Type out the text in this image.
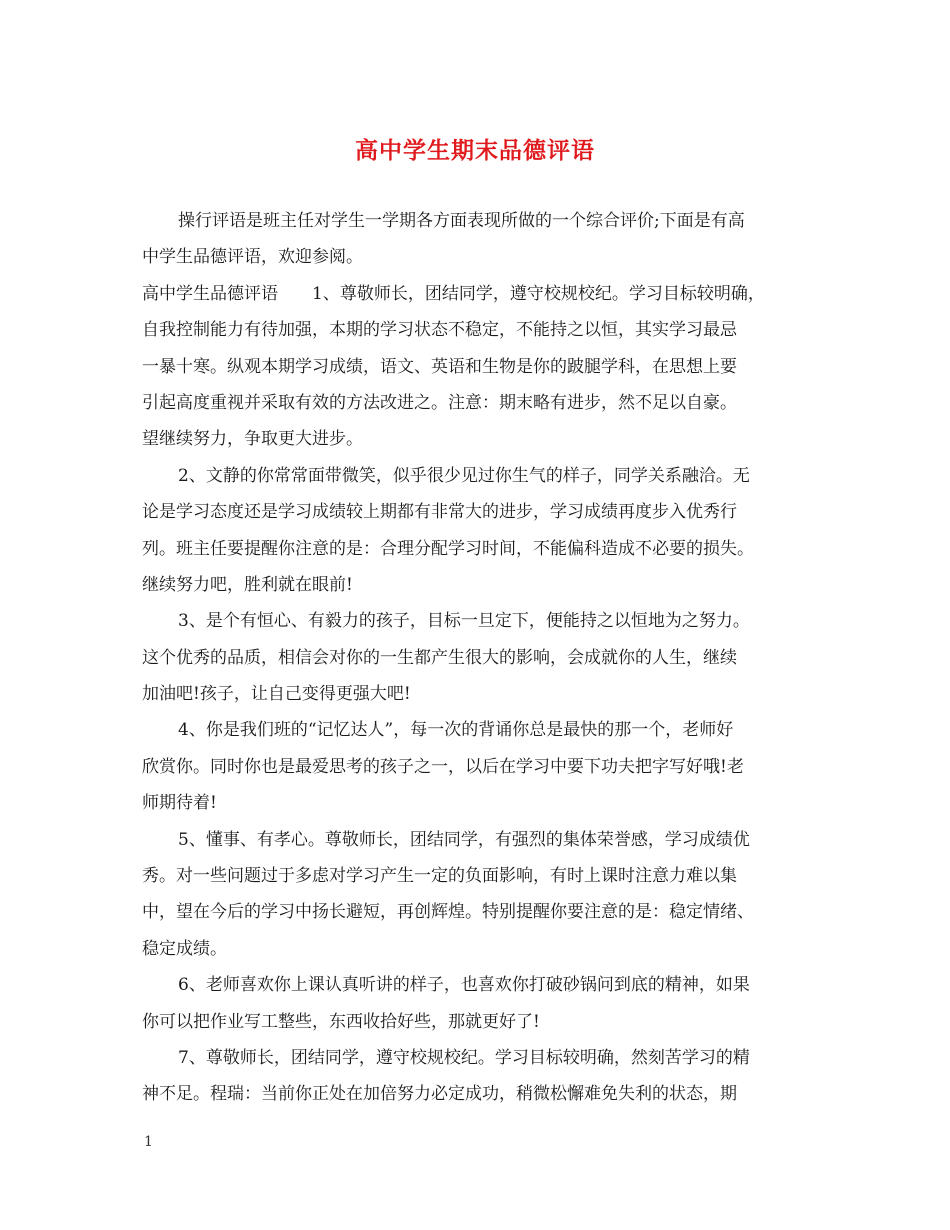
高中学生期末品德评语
操行评语是班主任对学生一学期各方面表现所做的一个综合评价;下面是有高
中学生品德评语，欢迎参阅。
高中学生品德评语　　1、尊敬师长，团结同学，遵守校规校纪。学习目标较明确，
自我控制能力有待加强，本期的学习状态不稳定，不能持之以恒，其实学习最忌
一暴十寒。纵观本期学习成绩，语文、英语和生物是你的跛腿学科，在思想上要
引起高度重视并采取有效的方法改进之。注意：期末略有进步，然不足以自豪。
望继续努力，争取更大进步。
2、文静的你常常面带微笑，似乎很少见过你生气的样子，同学关系融洽。无
论是学习态度还是学习成绩较上期都有非常大的进步，学习成绩再度步入优秀行
列。班主任要提醒你注意的是：合理分配学习时间，不能偏科造成不必要的损失。
继续努力吧，胜利就在眼前!
3、是个有恒心、有毅力的孩子，目标一旦定下，便能持之以恒地为之努力。
这个优秀的品质，相信会对你的一生都产生很大的影响，会成就你的人生，继续
加油吧!孩子，让自己变得更强大吧!
4、你是我们班的“记忆达人”，每一次的背诵你总是最快的那一个，老师好
欣赏你。同时你也是最爱思考的孩子之一，以后在学习中要下功夫把字写好哦!老
师期待着!
5、懂事、有孝心。尊敬师长，团结同学，有强烈的集体荣誉感，学习成绩优
秀。对一些问题过于多虑对学习产生一定的负面影响，有时上课时注意力难以集
中，望在今后的学习中扬长避短，再创辉煌。特别提醒你要注意的是：稳定情绪、
稳定成绩。
6、老师喜欢你上课认真听讲的样子，也喜欢你打破砂锅问到底的精神，如果
你可以把作业写工整些，东西收拾好些，那就更好了!
7、尊敬师长，团结同学，遵守校规校纪。学习目标较明确，然刻苦学习的精
神不足。程瑞：当前你正处在加倍努力必定成功，稍微松懈难免失利的状态，期
1
